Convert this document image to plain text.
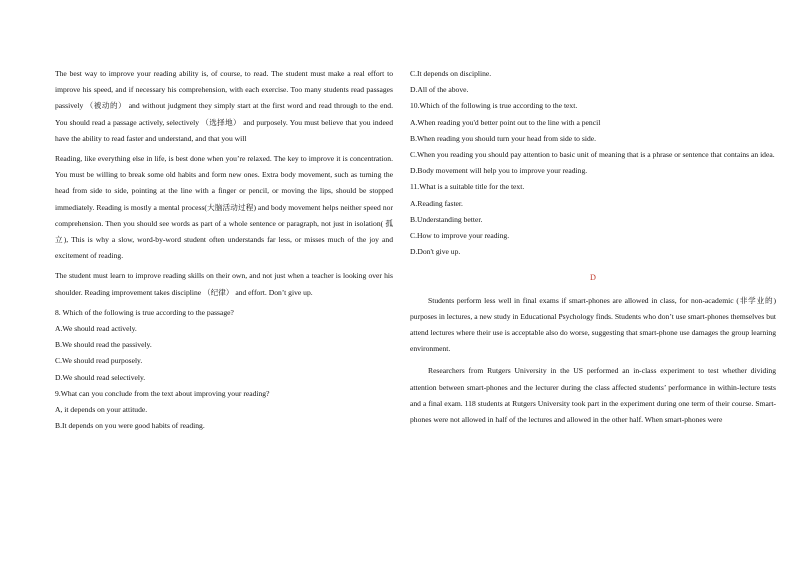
The best way to improve your reading ability is, of course, to read. The student must make a real effort to improve his speed, and if necessary his comprehension, with each exercise. Too many students read passages passively （被动的） and without judgment they simply start at the first word and read through to the end. You should read a passage actively, selectively （选择地） and purposely. You must believe that you indeed have the ability to read faster and understand, and that you will

Reading, like everything else in life, is best done when you’re relaxed. The key to improve it is concentration. You must be willing to break some old habits and form new ones. Extra body movement, such as turning the head from side to side, pointing at the line with a finger or pencil, or moving the lips, should be stopped immediately. Reading is mostly a mental process(大脑活动过程) and body movement helps neither speed nor comprehension. Then you should see words as part of a whole sentence or paragraph, not just in isolation( 孤立), This is why a slow, word-by-word student often understands far less, or misses much of the joy and excitement of reading.

The student must learn to improve reading skills on their own, and not just when a teacher is looking over his shoulder. Reading improvement takes discipline （纪律） and effort. Don’t give up.

8. Which of the following is true according to the passage?

A.We should read actively.

B.We should read the passively.

C.We should read purposely.

D.We should read selectively.

9.What can you conclude from the text about improving your reading?

A, it depends on your attitude.

B.It depends on you were good habits of reading.

C.It depends on discipline.

D.All of the above.

10.Which of the following is true according to the text.

A.When reading you'd better point out to the line with a pencil

B.When reading you should turn your head from side to side.

C.When you reading you should pay attention to basic unit of meaning that is a phrase or sentence that contains an idea.

D.Body movement will help you to improve your reading.

11.What is a suitable title for the text.

A.Reading faster.

B.Understanding better.

C.How to improve your reading.

D.Don't give up.

D

Students perform less well in final exams if smart-phones are allowed in class, for non-academic (非学业的) purposes in lectures, a new study in Educational Psychology finds. Students who don’t use smart-phones themselves but attend lectures where their use is acceptable also do worse, suggesting that smart-phone use damages the group learning environment.

Researchers from Rutgers University in the US performed an in-class experiment to test whether dividing attention between smart-phones and the lecturer during the class affected students’ performance in within-lecture tests and a final exam. 118 students at Rutgers University took part in the experiment during one term of their course. Smart-phones were not allowed in half of the lectures and allowed in the other half. When smart-phones were
